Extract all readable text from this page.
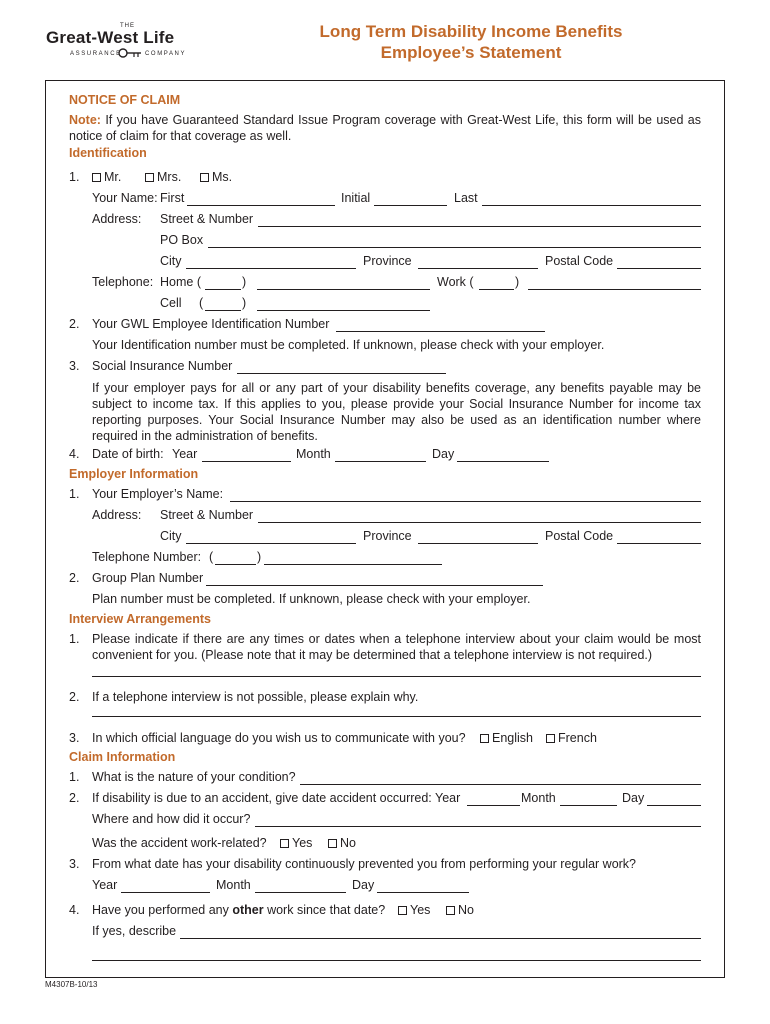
THE
Great-West Life
ASSURANCE	COMPANY
Long Term Disability Income Benefits
Employee’s Statement
NOTICE OF CLAIM
Note: If you have Guaranteed Standard Issue Program coverage with Great-West Life, this form will be used as notice of claim for that coverage as well.
Identification
1.	Mr.	Mrs.	Ms.
Your Name: First	Initial	Last
Address: Street & Number
PO Box
City	Province	Postal Code
Telephone: Home (	)	Work (	)
Cell (	)
2. Your GWL Employee Identification Number
Your Identification number must be completed. If unknown, please check with your employer.
3. Social Insurance Number
If your employer pays for all or any part of your disability benefits coverage, any benefits payable may be subject to income tax. If this applies to you, please provide your Social Insurance Number for income tax reporting purposes. Your Social Insurance Number may also be used as an identification number where required in the administration of benefits.
4. Date of birth: Year	Month	Day
Employer Information
1. Your Employer’s Name:
Address: Street & Number
City	Province	Postal Code
Telephone Number: (	)
2. Group Plan Number
Plan number must be completed. If unknown, please check with your employer.
Interview Arrangements
1. Please indicate if there are any times or dates when a telephone interview about your claim would be most convenient for you. (Please note that it may be determined that a telephone interview is not required.)
2. If a telephone interview is not possible, please explain why.
3. In which official language do you wish us to communicate with you?	English	French
Claim Information
1. What is the nature of your condition?
2. If disability is due to an accident, give date accident occurred: Year	Month	Day
Where and how did it occur?
Was the accident work-related?	Yes	No
3. From what date has your disability continuously prevented you from performing your regular work?
Year	Month	Day
4. Have you performed any other work since that date?	Yes	No
If yes, describe
M4307B-10/13
